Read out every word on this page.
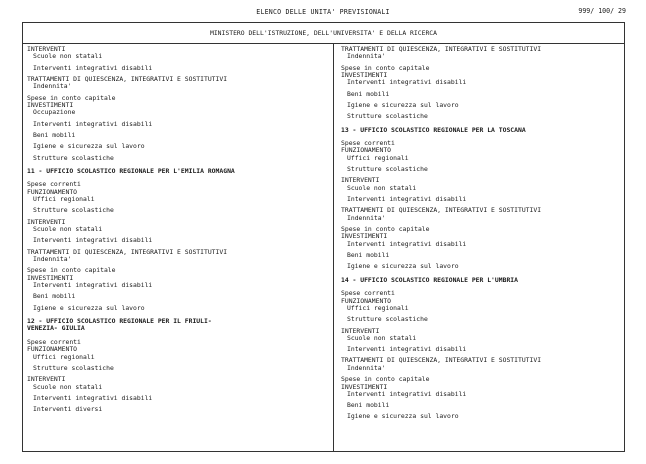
ELENCO DELLE UNITA' PREVISIONALI	999/ 100/ 29
MINISTERO DELL'ISTRUZIONE, DELL'UNIVERSITA' E DELLA RICERCA
INTERVENTI
Scuole non statali
Interventi integrativi disabili
TRATTAMENTI DI QUIESCENZA, INTEGRATIVI E SOSTITUTIVI
Indennita'
Spese in conto capitale
INVESTIMENTI
Occupazione
Interventi integrativi disabili
Beni mobili
Igiene e sicurezza sul lavoro
Strutture scolastiche
11 - UFFICIO SCOLASTICO REGIONALE PER L'EMILIA ROMAGNA
Spese correnti
FUNZIONAMENTO
Uffici regionali
Strutture scolastiche
INTERVENTI
Scuole non statali
Interventi integrativi disabili
TRATTAMENTI DI QUIESCENZA, INTEGRATIVI E SOSTITUTIVI
Indennita'
Spese in conto capitale
INVESTIMENTI
Interventi integrativi disabili
Beni mobili
Igiene e sicurezza sul lavoro
12 - UFFICIO SCOLASTICO REGIONALE PER IL FRIULI-
VENEZIA- GIULIA
Spese correnti
FUNZIONAMENTO
Uffici regionali
Strutture scolastiche
INTERVENTI
Scuole non statali
Interventi integrativi disabili
Interventi diversi
TRATTAMENTI DI QUIESCENZA, INTEGRATIVI E SOSTITUTIVI
Indennita'
Spese in conto capitale
INVESTIMENTI
Interventi integrativi disabili
Beni mobili
Igiene e sicurezza sul lavoro
Strutture scolastiche
13 - UFFICIO SCOLASTICO REGIONALE PER LA TOSCANA
Spese correnti
FUNZIONAMENTO
Uffici regionali
Strutture scolastiche
INTERVENTI
Scuole non statali
Interventi integrativi disabili
TRATTAMENTI DI QUIESCENZA, INTEGRATIVI E SOSTITUTIVI
Indennita'
Spese in conto capitale
INVESTIMENTI
Interventi integrativi disabili
Beni mobili
Igiene e sicurezza sul lavoro
14 - UFFICIO SCOLASTICO REGIONALE PER L'UMBRIA
Spese correnti
FUNZIONAMENTO
Uffici regionali
Strutture scolastiche
INTERVENTI
Scuole non statali
Interventi integrativi disabili
TRATTAMENTI DI QUIESCENZA, INTEGRATIVI E SOSTITUTIVI
Indennita'
Spese in conto capitale
INVESTIMENTI
Interventi integrativi disabili
Beni mobili
Igiene e sicurezza sul lavoro
